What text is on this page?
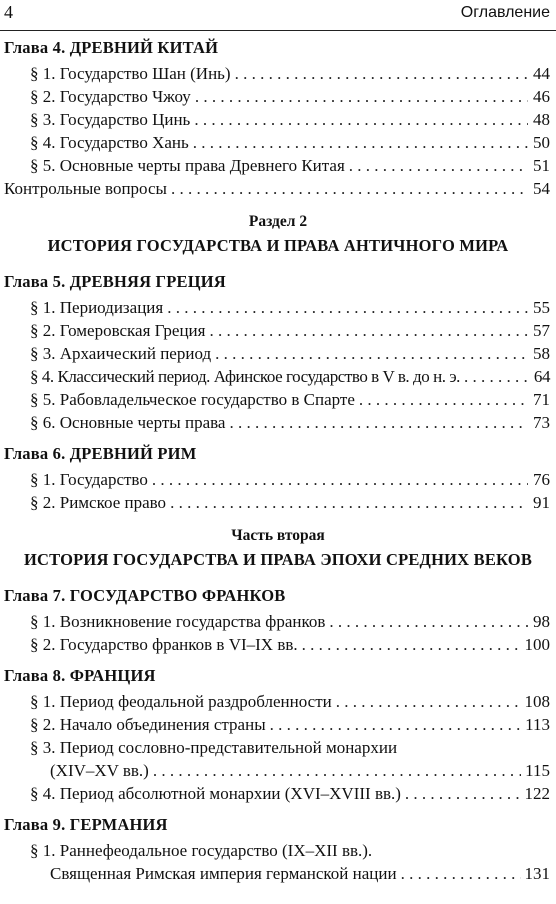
4	Оглавление
Глава 4. ДРЕВНИЙ КИТАЙ
§ 1. Государство Шан (Инь) . . .	44
§ 2. Государство Чжоу . . .	46
§ 3. Государство Цинь . . .	48
§ 4. Государство Хань . . .	50
§ 5. Основные черты права Древнего Китая . . .	51
Контрольные вопросы . . .	54
Раздел 2
ИСТОРИЯ ГОСУДАРСТВА И ПРАВА АНТИЧНОГО МИРА
Глава 5. ДРЕВНЯЯ ГРЕЦИЯ
§ 1. Периодизация . . .	55
§ 2. Гомеровская Греция . . .	57
§ 3. Архаический период . . .	58
§ 4. Классический период. Афинское государство в V в. до н. э. . . .	64
§ 5. Рабовладельческое государство в Спарте . . .	71
§ 6. Основные черты права . . .	73
Глава 6. ДРЕВНИЙ РИМ
§ 1. Государство . . .	76
§ 2. Римское право . . .	91
Часть вторая
ИСТОРИЯ ГОСУДАРСТВА И ПРАВА ЭПОХИ СРЕДНИХ ВЕКОВ
Глава 7. ГОСУДАРСТВО ФРАНКОВ
§ 1. Возникновение государства франков . . .	98
§ 2. Государство франков в VI–IX вв. . . .	100
Глава 8. ФРАНЦИЯ
§ 1. Период феодальной раздробленности . . .	108
§ 2. Начало объединения страны . . .	113
§ 3. Период сословно-представительной монархии
(XIV–XV вв.) . . .	115
§ 4. Период абсолютной монархии (XVI–XVIII вв.) . . .	122
Глава 9. ГЕРМАНИЯ
§ 1. Раннефеодальное государство (IX–XII вв.).
Священная Римская империя германской нации . . .	131
